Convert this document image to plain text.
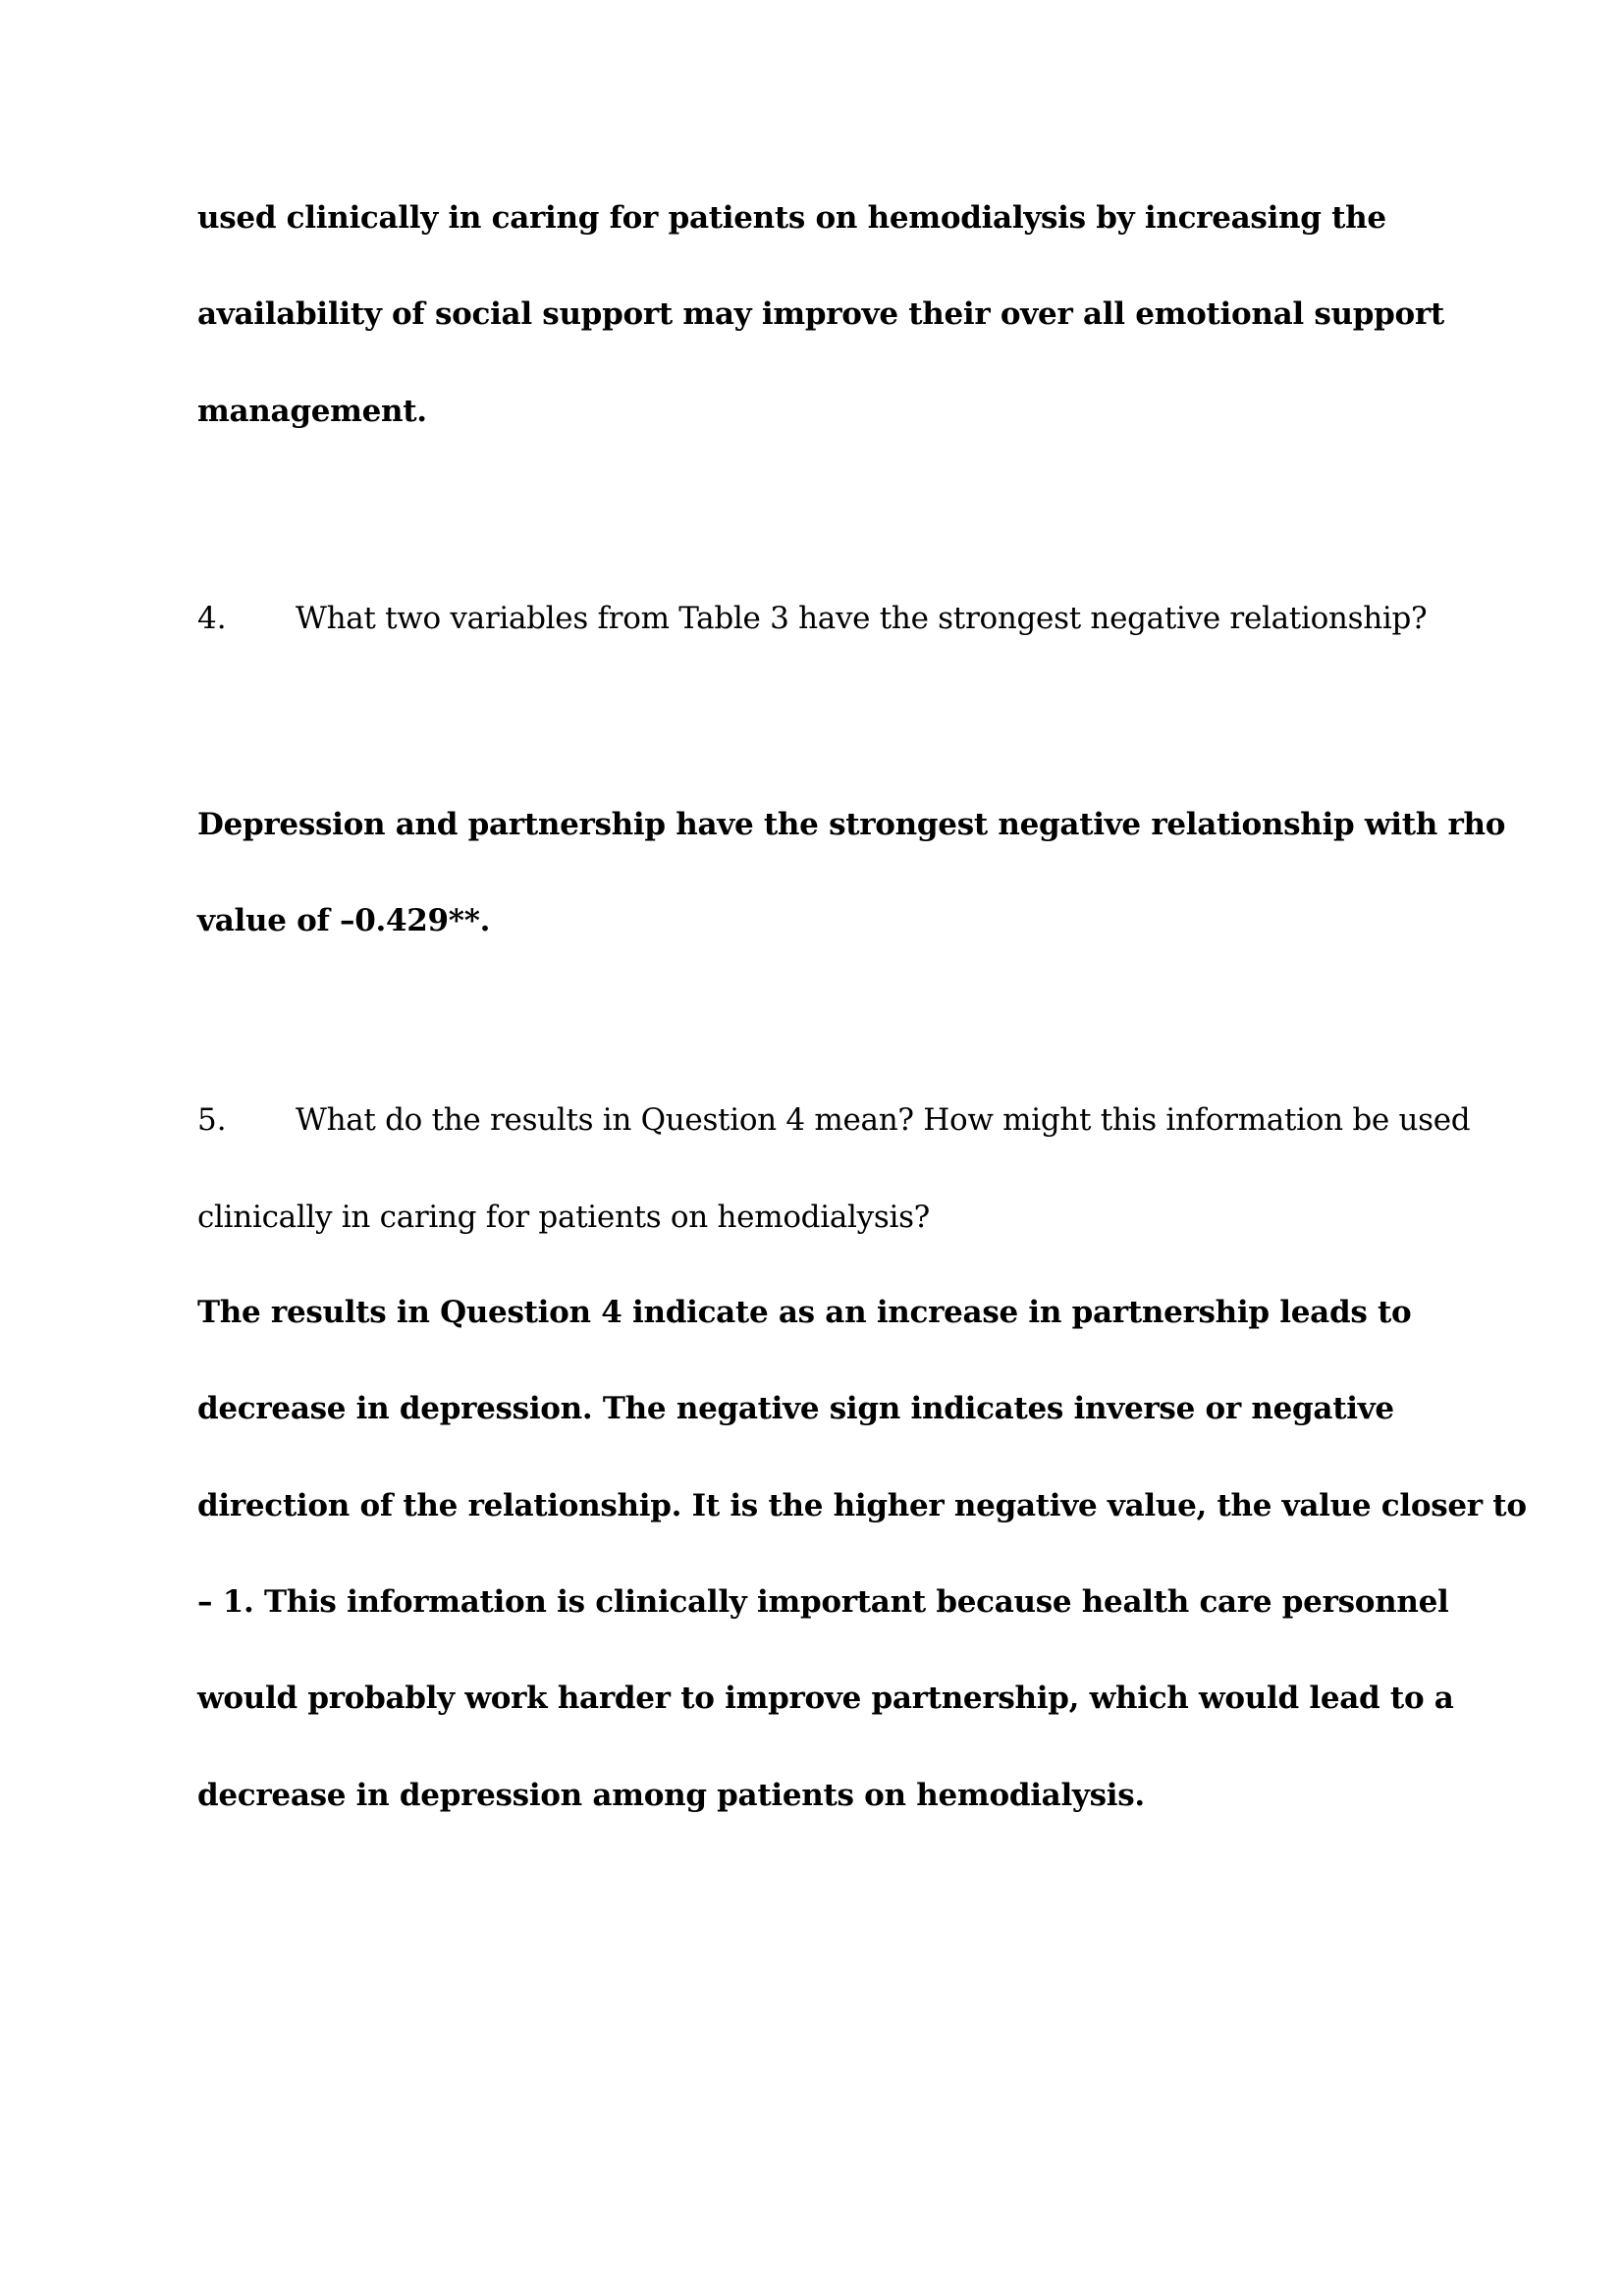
used clinically in caring for patients on hemodialysis by increasing the
availability of social support may improve their over all emotional support
management.
4. What two variables from Table 3 have the strongest negative relationship?
Depression and partnership have the strongest negative relationship with rho
value of –0.429**.
5. What do the results in Question 4 mean? How might this information be used
clinically in caring for patients on hemodialysis?
The results in Question 4 indicate as an increase in partnership leads to
decrease in depression. The negative sign indicates inverse or negative
direction of the relationship. It is the higher negative value, the value closer to
– 1. This information is clinically important because health care personnel
would probably work harder to improve partnership, which would lead to a
decrease in depression among patients on hemodialysis.
